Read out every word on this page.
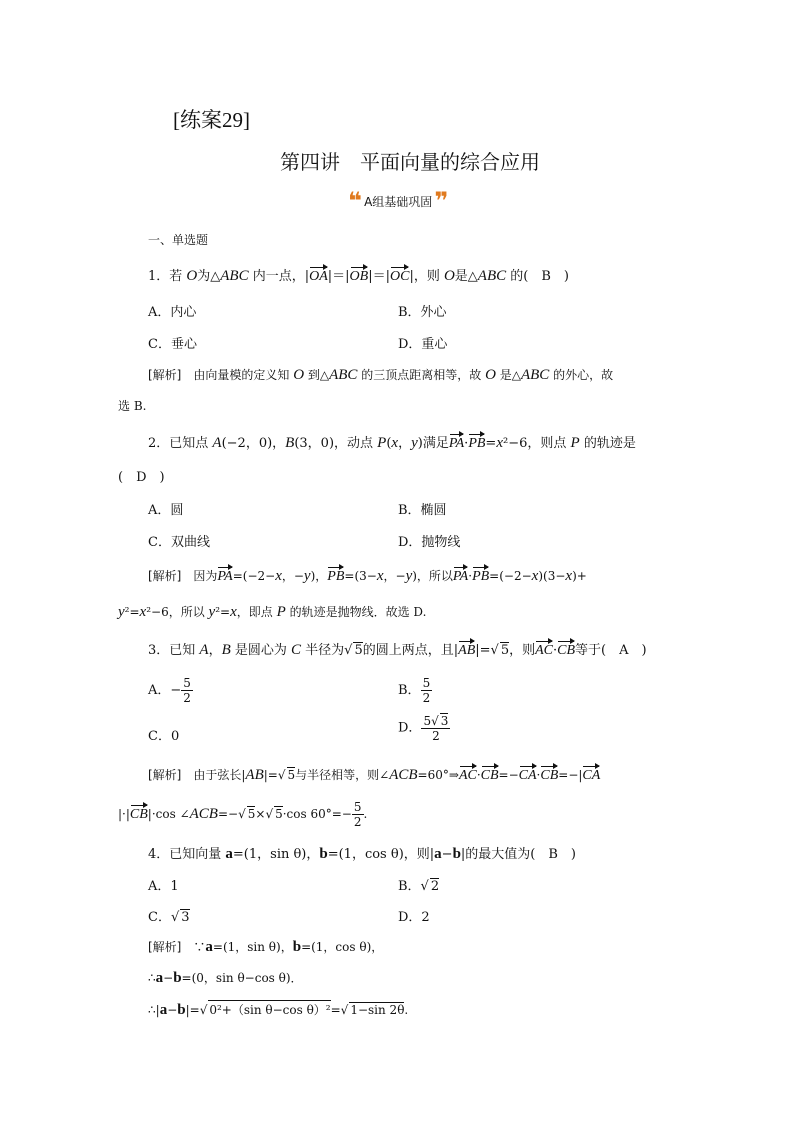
[练案29]
第四讲　平面向量的综合应用
❝ A组基础巩固 ❞
一、单选题
1．若 O为△ABC 内一点，|OA|＝|OB|＝|OC|，则 O是△ABC 的(　B　)
A．内心	B．外心
C．垂心	D．重心
[解析]　由向量模的定义知 O 到△ABC 的三顶点距离相等，故 O 是△ABC 的外心，故
选 B.
2．已知点 A(−2，0)，B(3，0)，动点 P(x，y)满足PA·PB=x²−6，则点 P 的轨迹是
(　D　)
A．圆	B．椭圆
C．双曲线	D．抛物线
[解析]　因为PA=(−2−x，−y)，PB=(3−x，−y)，所以PA·PB=(−2−x)(3−x)+
y²=x²−6，所以 y²=x，即点 P 的轨迹是抛物线．故选 D.
3．已知 A，B 是圆心为 C 半径为√ 5的圆上两点，且|AB|=√ 5，则AC·CB等于(　A　)
A．− $\frac{5}{2}$	B． $\frac{5}{2}$
C．0
D． $\frac{5√ 3}{2}$
[解析]　由于弦长|AB|=√ 5与半径相等，则∠ACB=60°⇒AC·CB=−CA·CB=−|CA
|·|CB|·cos ∠ACB=−√ 5×√ 5·cos $60^\circ=- \frac{5}{2}$ .
4．已知向量 a=(1，sin θ)，b=(1，cos θ)，则|a−b|的最大值为(　B　)
A．1	B．√ 2
C．√ 3	D．2
[解析]　∵a=(1，sin θ)，b=(1，cos θ)，
∴a−b=(0，sin θ−cos θ)．
∴|a−b|=√ 0²+（sin θ−cos θ）²=√ 1−sin 2θ.
